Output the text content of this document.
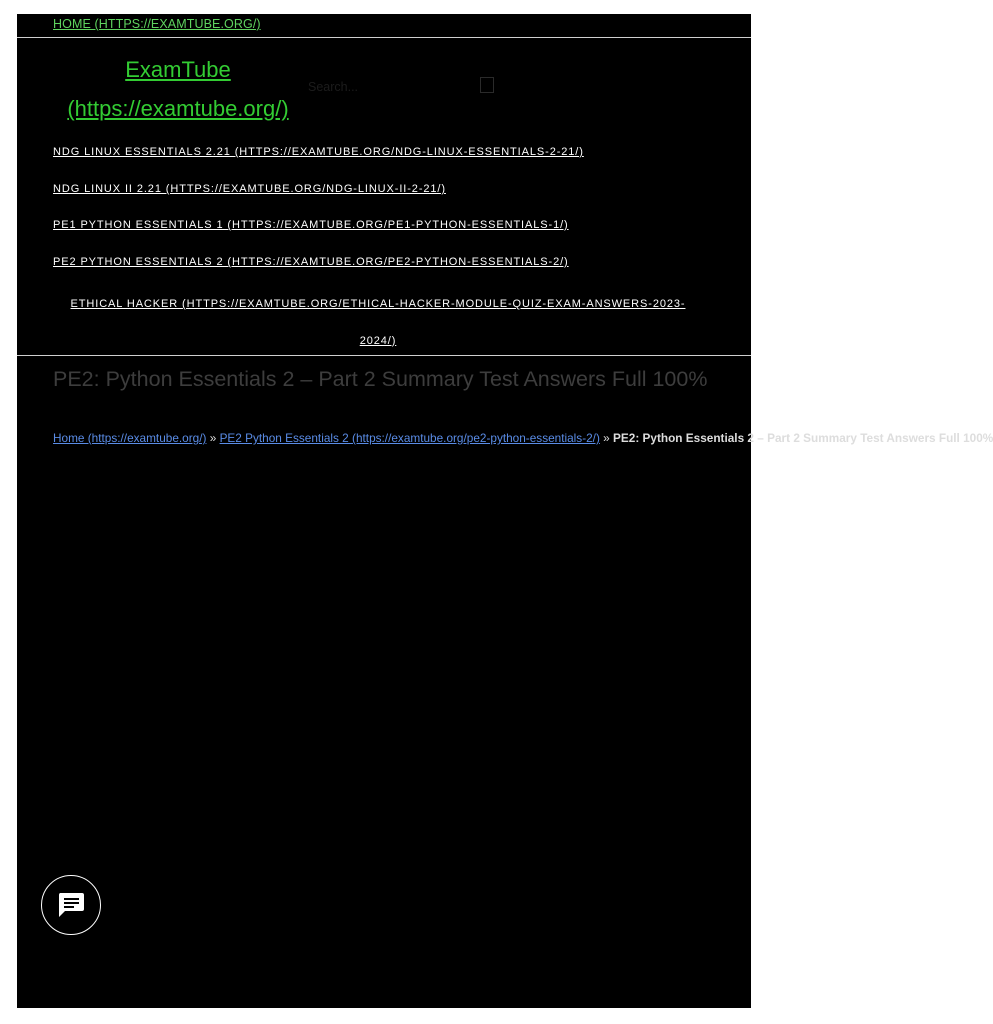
HOME (HTTPS://EXAMTUBE.ORG/)
ExamTube
(https://examtube.org/)
Search...
NDG LINUX ESSENTIALS 2.21 (HTTPS://EXAMTUBE.ORG/NDG-LINUX-ESSENTIALS-2-21/)
NDG LINUX II 2.21 (HTTPS://EXAMTUBE.ORG/NDG-LINUX-II-2-21/)
PE1 PYTHON ESSENTIALS 1 (HTTPS://EXAMTUBE.ORG/PE1-PYTHON-ESSENTIALS-1/)
PE2 PYTHON ESSENTIALS 2 (HTTPS://EXAMTUBE.ORG/PE2-PYTHON-ESSENTIALS-2/)
ETHICAL HACKER (HTTPS://EXAMTUBE.ORG/ETHICAL-HACKER-MODULE-QUIZ-EXAM-ANSWERS-2023-2024/)
PE2: Python Essentials 2 – Part 2 Summary Test Answers Full 100%
Home (https://examtube.org/) » PE2 Python Essentials 2 (https://examtube.org/pe2-python-essentials-2/) » PE2: Python Essentials 2 – Part 2 Summary Test Answers Full 100%
